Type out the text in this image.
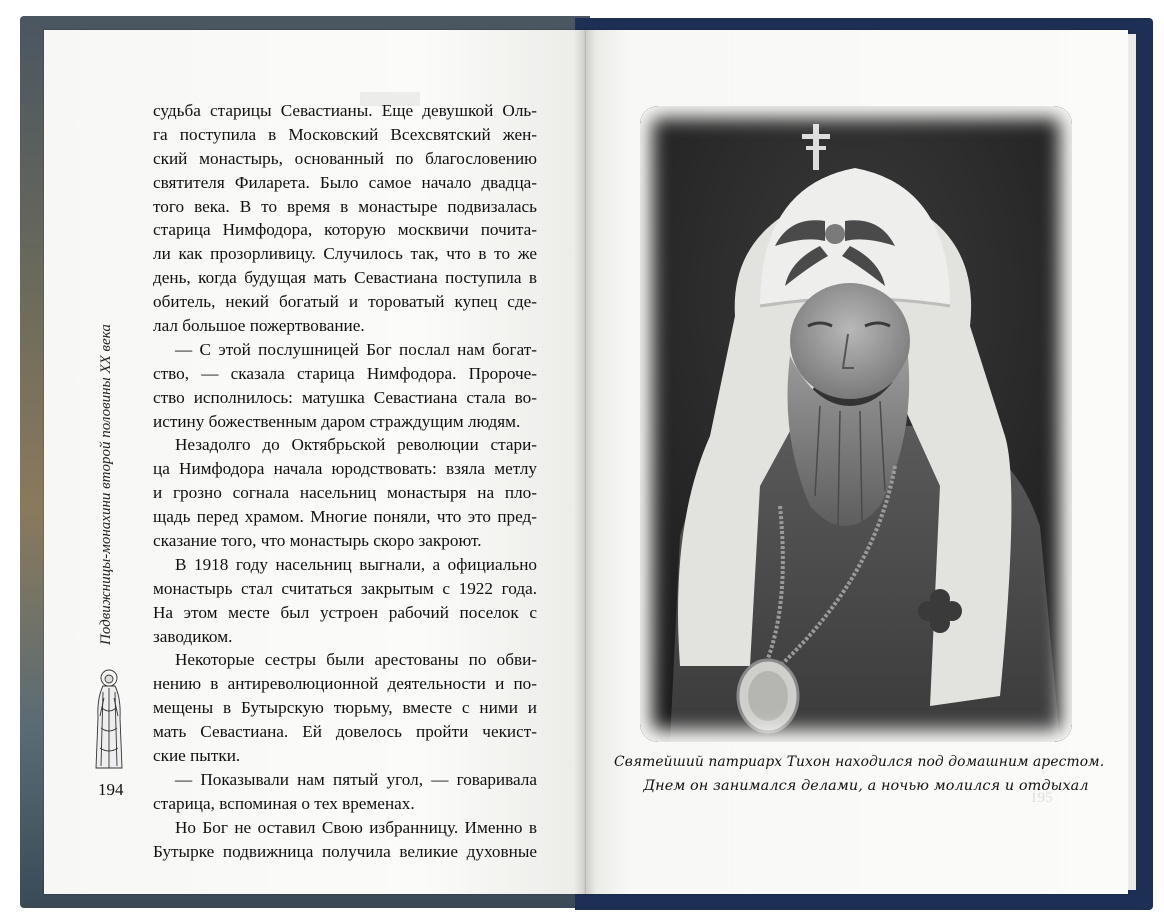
Подвижницы-монахини второй половины XX века
194
судьба старицы Севастианы. Еще девушкой Оль-
га поступила в Московский Всехсвятский жен-
ский монастырь, основанный по благословению
святителя Филарета. Было самое начало двадца-
того века. В то время в монастыре подвизалась
старица Нимфодора, которую москвичи почита-
ли как прозорливицу. Случилось так, что в то же
день, когда будущая мать Севастиана поступила в
обитель, некий богатый и тороватый купец сде-
лал большое пожертвование.
— С этой послушницей Бог послал нам богат-
ство, — сказала старица Нимфодора. Пророче-
ство исполнилось: матушка Севастиана стала во-
истину божественным даром страждущим людям.
Незадолго до Октябрьской революции стари-
ца Нимфодора начала юродствовать: взяла метлу
и грозно согнала насельниц монастыря на пло-
щадь перед храмом. Многие поняли, что это пред-
сказание того, что монастырь скоро закроют.
В 1918 году насельниц выгнали, а официально
монастырь стал считаться закрытым с 1922 года.
На этом месте был устроен рабочий поселок с
заводиком.
Некоторые сестры были арестованы по обви-
нению в антиреволюционной деятельности и по-
мещены в Бутырскую тюрьму, вместе с ними и
мать Севастиана. Ей довелось пройти чекист-
ские пытки.
— Показывали нам пятый угол, — говаривала
старица, вспоминая о тех временах.
Но Бог не оставил Свою избранницу. Именно в
Бутырке подвижница получила великие духовные
Святейший патриарх Тихон находился под домашним арестом.
Днем он занимался делами, а ночью молился и отдыхал
195
